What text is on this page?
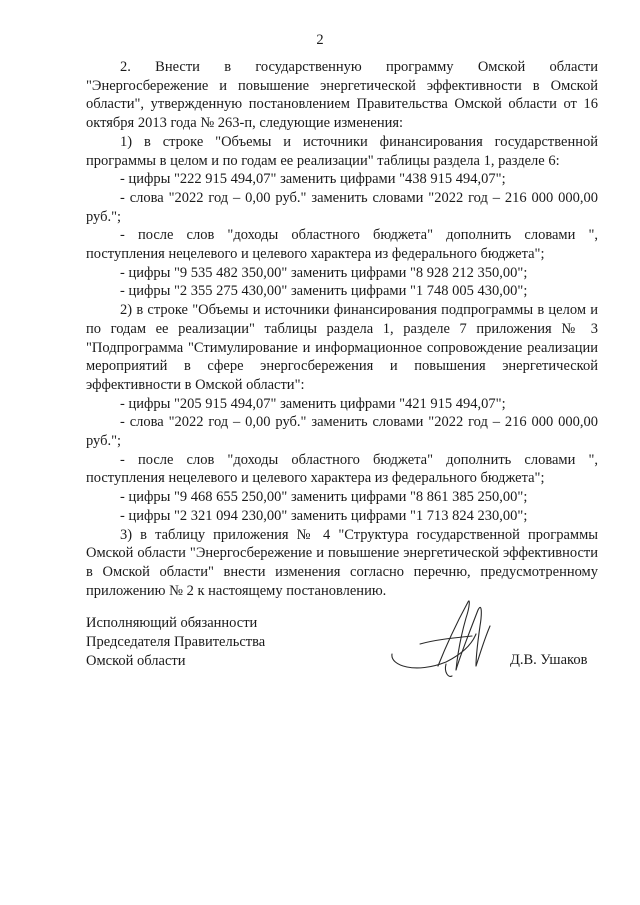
2

2. Внести в государственную программу Омской области "Энергосбережение и повышение энергетической эффективности в Омской области", утвержденную постановлением Правительства Омской области от 16 октября 2013 года № 263-п, следующие изменения:

1) в строке "Объемы и источники финансирования государственной программы в целом и по годам ее реализации" таблицы раздела 1, разделе 6:

- цифры "222 915 494,07" заменить цифрами "438 915 494,07";

- слова "2022 год – 0,00 руб." заменить словами "2022 год – 216 000 000,00 руб.";

- после слов "доходы областного бюджета" дополнить словами ", поступления нецелевого и целевого характера из федерального бюджета";

- цифры "9 535 482 350,00" заменить цифрами "8 928 212 350,00";

- цифры "2 355 275 430,00" заменить цифрами "1 748 005 430,00";

2) в строке "Объемы и источники финансирования подпрограммы в целом и по годам ее реализации" таблицы раздела 1, разделе 7 приложения № 3 "Подпрограмма "Стимулирование и информационное сопровождение реализации мероприятий в сфере энергосбережения и повышения энергетической эффективности в Омской области":

- цифры "205 915 494,07" заменить цифрами "421 915 494,07";

- слова "2022 год – 0,00 руб." заменить словами "2022 год – 216 000 000,00 руб.";

- после слов "доходы областного бюджета" дополнить словами ", поступления нецелевого и целевого характера из федерального бюджета";

- цифры "9 468 655 250,00" заменить цифрами "8 861 385 250,00";

- цифры "2 321 094 230,00" заменить цифрами "1 713 824 230,00";

3) в таблицу приложения № 4 "Структура государственной программы Омской области "Энергосбережение и повышение энергетической эффективности в Омской области" внести изменения согласно перечню, предусмотренному приложению № 2 к настоящему постановлению.

Исполняющий обязанности
Председателя Правительства
Омской области	Д.В. Ушаков
